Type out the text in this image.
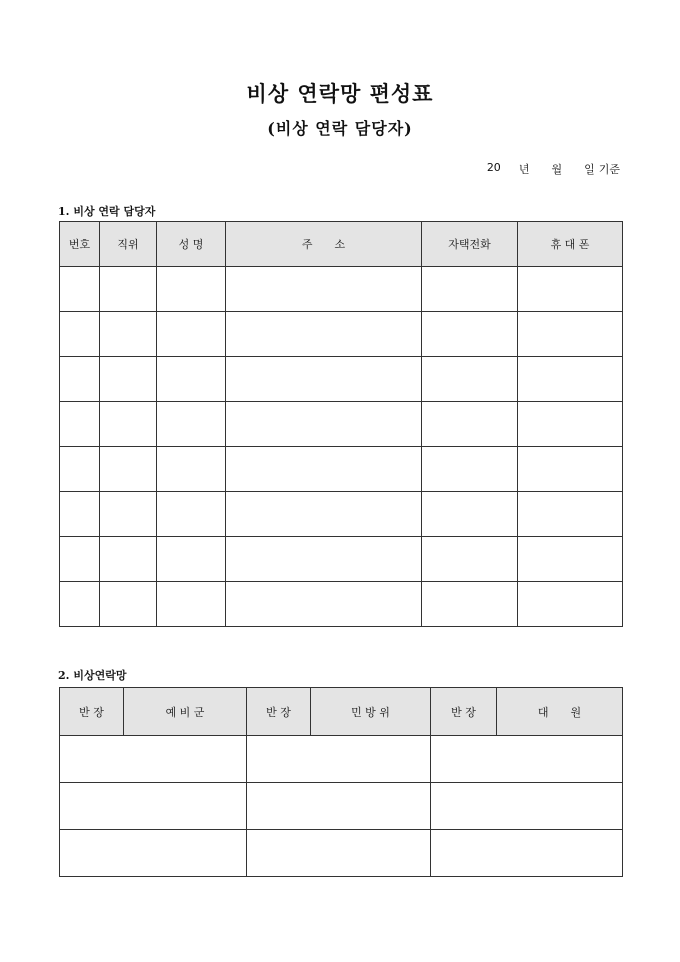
비상 연락망 편성표
(비상 연락 담당자)
20 년 월 일 기준
1. 비상 연락 담당자
번호	직위	성 명	주　　소	자택전화	휴 대 폰

2. 비상연락망
반 장	예 비 군	반 장	민 방 위	반 장	대　　원
